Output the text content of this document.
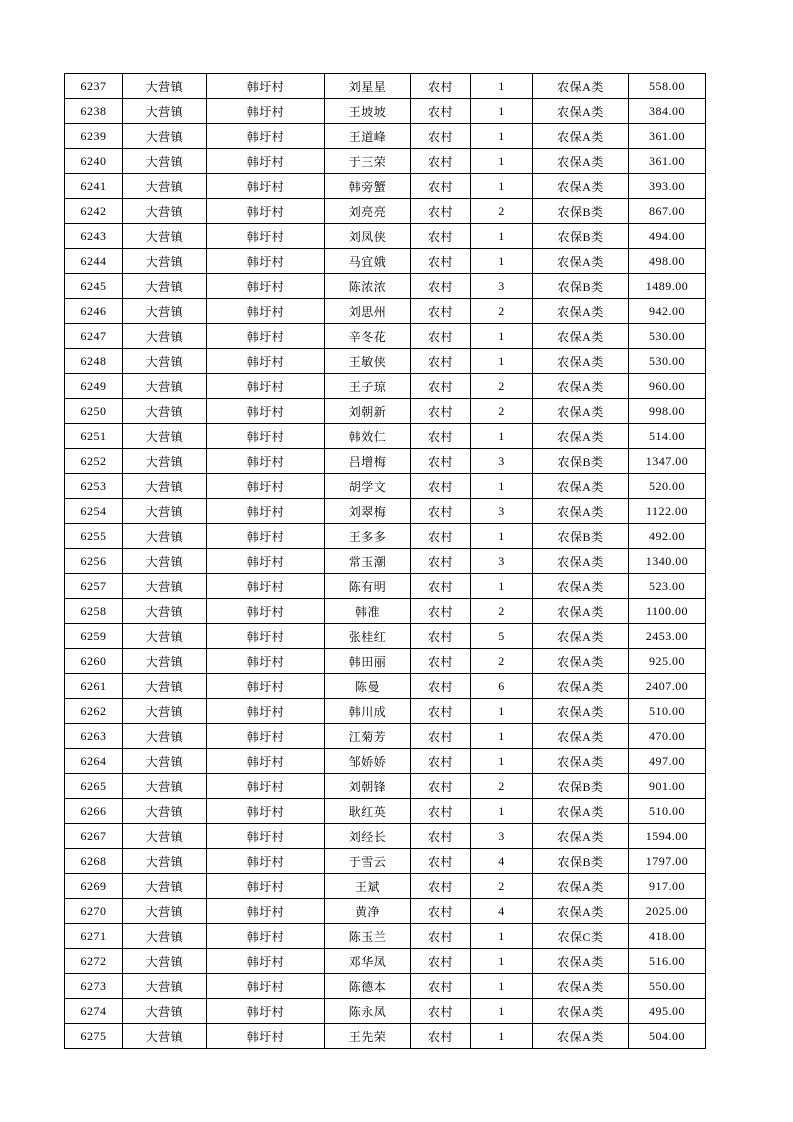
6237	大营镇	韩圩村	刘星星	农村	1	农保A类	558.00
6238	大营镇	韩圩村	王坡坡	农村	1	农保A类	384.00
6239	大营镇	韩圩村	王道峰	农村	1	农保A类	361.00
6240	大营镇	韩圩村	于三荣	农村	1	农保A类	361.00
6241	大营镇	韩圩村	韩旁蟹	农村	1	农保A类	393.00
6242	大营镇	韩圩村	刘亮亮	农村	2	农保B类	867.00
6243	大营镇	韩圩村	刘凤侠	农村	1	农保B类	494.00
6244	大营镇	韩圩村	马宜娥	农村	1	农保A类	498.00
6245	大营镇	韩圩村	陈浓浓	农村	3	农保B类	1489.00
6246	大营镇	韩圩村	刘思州	农村	2	农保A类	942.00
6247	大营镇	韩圩村	辛冬花	农村	1	农保A类	530.00
6248	大营镇	韩圩村	王敏侠	农村	1	农保A类	530.00
6249	大营镇	韩圩村	王子琼	农村	2	农保A类	960.00
6250	大营镇	韩圩村	刘朝新	农村	2	农保A类	998.00
6251	大营镇	韩圩村	韩效仁	农村	1	农保A类	514.00
6252	大营镇	韩圩村	吕增梅	农村	3	农保B类	1347.00
6253	大营镇	韩圩村	胡学文	农村	1	农保A类	520.00
6254	大营镇	韩圩村	刘翠梅	农村	3	农保A类	1122.00
6255	大营镇	韩圩村	王多多	农村	1	农保B类	492.00
6256	大营镇	韩圩村	常玉潮	农村	3	农保A类	1340.00
6257	大营镇	韩圩村	陈有明	农村	1	农保A类	523.00
6258	大营镇	韩圩村	韩准	农村	2	农保A类	1100.00
6259	大营镇	韩圩村	张桂红	农村	5	农保A类	2453.00
6260	大营镇	韩圩村	韩田丽	农村	2	农保A类	925.00
6261	大营镇	韩圩村	陈曼	农村	6	农保A类	2407.00
6262	大营镇	韩圩村	韩川成	农村	1	农保A类	510.00
6263	大营镇	韩圩村	江菊芳	农村	1	农保A类	470.00
6264	大营镇	韩圩村	邹娇娇	农村	1	农保A类	497.00
6265	大营镇	韩圩村	刘朝锋	农村	2	农保B类	901.00
6266	大营镇	韩圩村	耿红英	农村	1	农保A类	510.00
6267	大营镇	韩圩村	刘经长	农村	3	农保A类	1594.00
6268	大营镇	韩圩村	于雪云	农村	4	农保B类	1797.00
6269	大营镇	韩圩村	王斌	农村	2	农保A类	917.00
6270	大营镇	韩圩村	黄净	农村	4	农保A类	2025.00
6271	大营镇	韩圩村	陈玉兰	农村	1	农保C类	418.00
6272	大营镇	韩圩村	邓华凤	农村	1	农保A类	516.00
6273	大营镇	韩圩村	陈德本	农村	1	农保A类	550.00
6274	大营镇	韩圩村	陈永凤	农村	1	农保A类	495.00
6275	大营镇	韩圩村	王先荣	农村	1	农保A类	504.00
